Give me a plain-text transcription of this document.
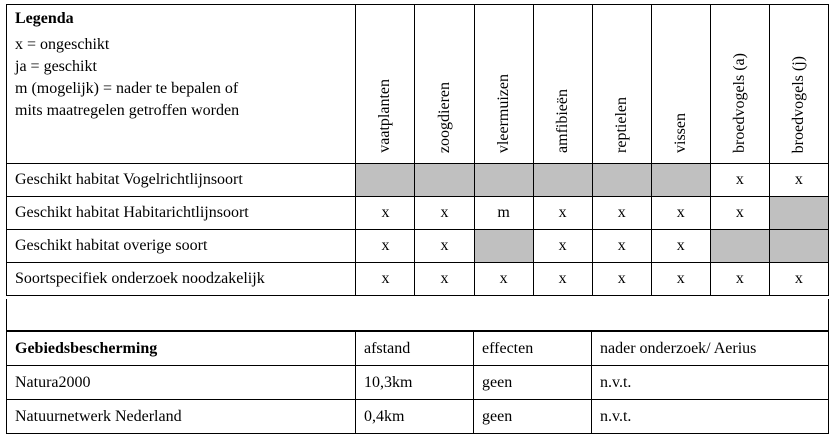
Legenda
x = ongeschikt
ja = geschikt
m (mogelijk) = nader te bepalen of
mits maatregelen getroffen worden	vaatplanten	zoogdieren	vleermuizen	amfibieën	reptielen	vissen	broedvogels (a)	broedvogels (j)

Geschikt habitat Vogelrichtlijnsoort							x	x
Geschikt habitat Habitarichtlijnsoort	x	x	m	x	x	x	x	
Geschikt habitat overige soort	x	x		x	x	x		
Soortspecifiek onderzoek noodzakelijk	x	x	x	x	x	x	x	x
Gebiedsbescherming	afstand	effecten	nader onderzoek/ Aerius
Natura2000	10,3km	geen	n.v.t.
Natuurnetwerk Nederland	0,4km	geen	n.v.t.
